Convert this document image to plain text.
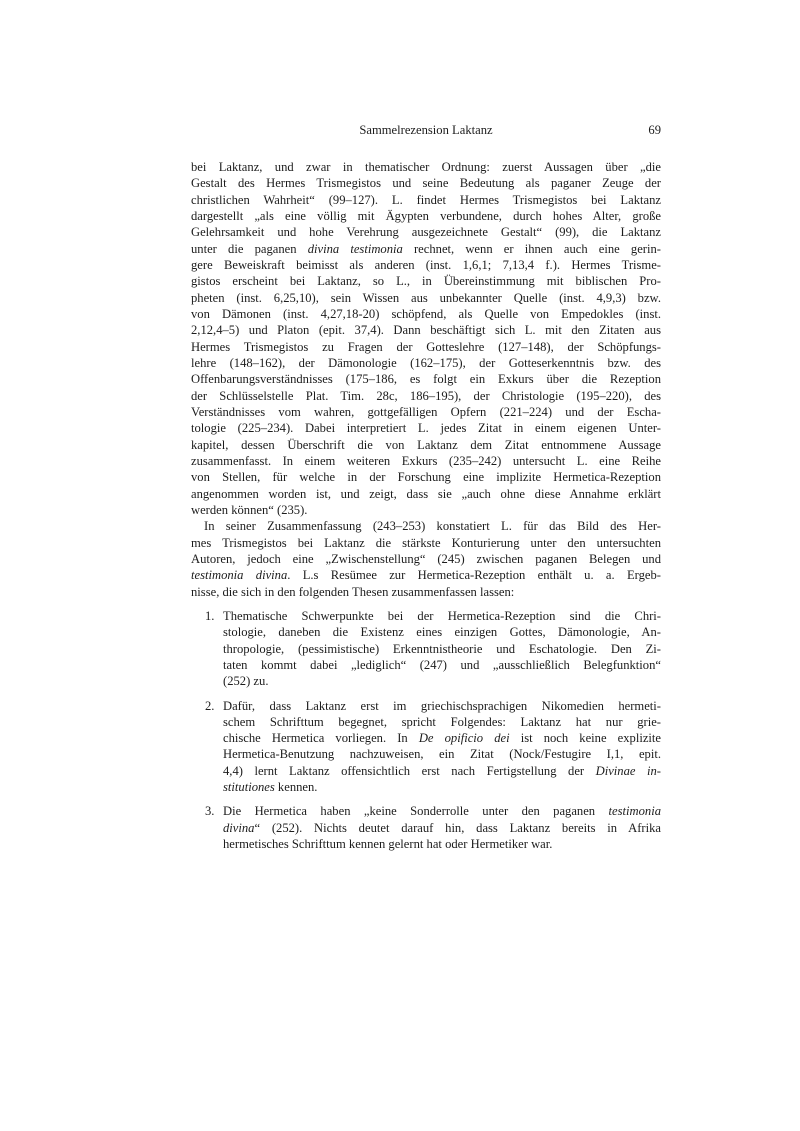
Sammelrezension Laktanz	69
bei Laktanz, und zwar in thematischer Ordnung: zuerst Aussagen über „die
Gestalt des Hermes Trismegistos und seine Bedeutung als paganer Zeuge der
christlichen Wahrheit“ (99–127). L. findet Hermes Trismegistos bei Laktanz
dargestellt „als eine völlig mit Ägypten verbundene, durch hohes Alter, große
Gelehrsamkeit und hohe Verehrung ausgezeichnete Gestalt“ (99), die Laktanz
unter die paganen divina testimonia rechnet, wenn er ihnen auch eine gerin-
gere Beweiskraft beimisst als anderen (inst. 1,6,1; 7,13,4 f.). Hermes Trisme-
gistos erscheint bei Laktanz, so L., in Übereinstimmung mit biblischen Pro-
pheten (inst. 6,25,10), sein Wissen aus unbekannter Quelle (inst. 4,9,3) bzw.
von Dämonen (inst. 4,27,18-20) schöpfend, als Quelle von Empedokles (inst.
2,12,4–5) und Platon (epit. 37,4). Dann beschäftigt sich L. mit den Zitaten aus
Hermes Trismegistos zu Fragen der Gotteslehre (127–148), der Schöpfungs-
lehre (148–162), der Dämonologie (162–175), der Gotteserkenntnis bzw. des
Offenbarungsverständnisses (175–186, es folgt ein Exkurs über die Rezeption
der Schlüsselstelle Plat. Tim. 28c, 186–195), der Christologie (195–220), des
Verständnisses vom wahren, gottgefälligen Opfern (221–224) und der Escha-
tologie (225–234). Dabei interpretiert L. jedes Zitat in einem eigenen Unter-
kapitel, dessen Überschrift die von Laktanz dem Zitat entnommene Aussage
zusammenfasst. In einem weiteren Exkurs (235–242) untersucht L. eine Reihe
von Stellen, für welche in der Forschung eine implizite Hermetica-Rezeption
angenommen worden ist, und zeigt, dass sie „auch ohne diese Annahme erklärt
werden können“ (235).
In seiner Zusammenfassung (243–253) konstatiert L. für das Bild des Her-
mes Trismegistos bei Laktanz die stärkste Konturierung unter den untersuchten
Autoren, jedoch eine „Zwischenstellung“ (245) zwischen paganen Belegen und
testimonia divina. L.s Resümee zur Hermetica-Rezeption enthält u. a. Ergeb-
nisse, die sich in den folgenden Thesen zusammenfassen lassen:
1. Thematische Schwerpunkte bei der Hermetica-Rezeption sind die Chri-
stologie, daneben die Existenz eines einzigen Gottes, Dämonologie, An-
thropologie, (pessimistische) Erkenntnistheorie und Eschatologie. Den Zi-
taten kommt dabei „lediglich“ (247) und „ausschließlich Belegfunktion“
(252) zu.
2. Dafür, dass Laktanz erst im griechischsprachigen Nikomedien hermeti-
schem Schrifttum begegnet, spricht Folgendes: Laktanz hat nur grie-
chische Hermetica vorliegen. In De opificio dei ist noch keine explizite
Hermetica-Benutzung nachzuweisen, ein Zitat (Nock/Festugire I,1, epit.
4,4) lernt Laktanz offensichtlich erst nach Fertigstellung der Divinae in-
stitutiones kennen.
3. Die Hermetica haben „keine Sonderrolle unter den paganen testimonia
divina“ (252). Nichts deutet darauf hin, dass Laktanz bereits in Afrika
hermetisches Schrifttum kennen gelernt hat oder Hermetiker war.
